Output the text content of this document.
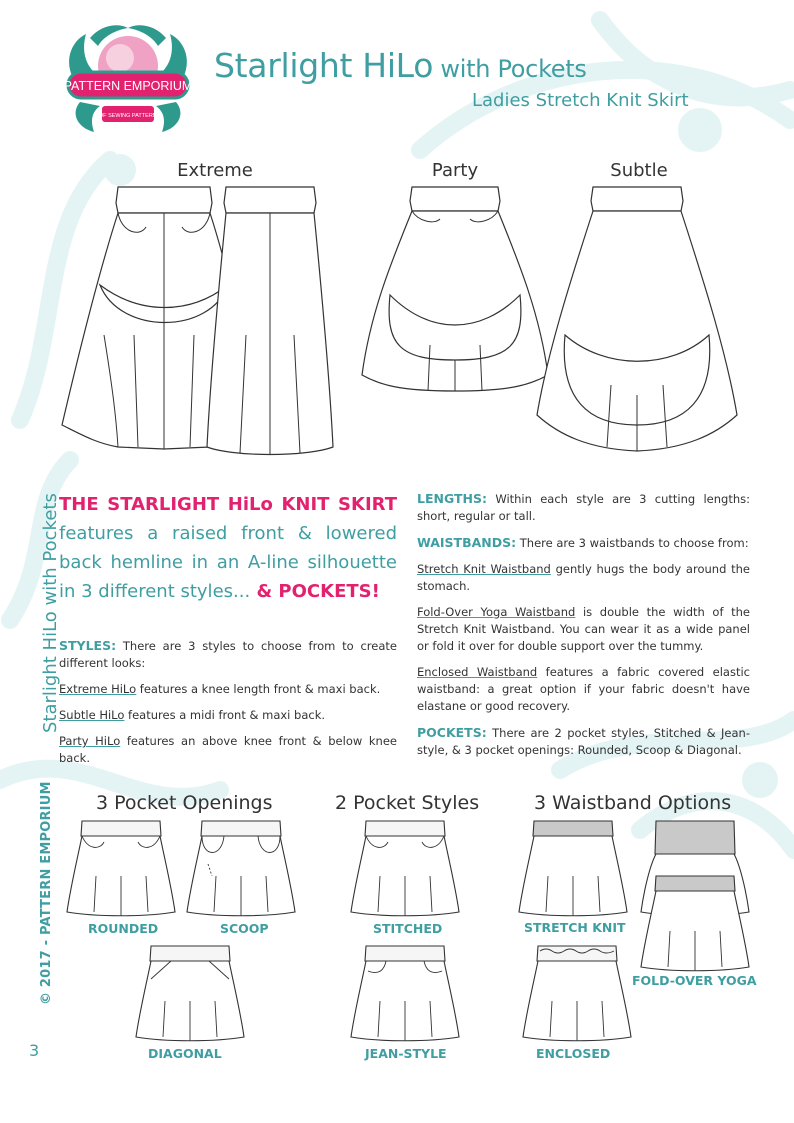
PATTERN EMPORIUM
PDF SEWING PATTERNS
Starlight HiLo with Pockets
Ladies Stretch Knit Skirt
Starlight HiLo with Pockets
© 2017 - PATTERN EMPORIUM
3
Extreme	Party	Subtle
THE STARLIGHT HiLo KNIT SKIRT features a raised front & lowered back hemline in an A-line silhouette in 3 different styles... & POCKETS!

STYLES: There are 3 styles to choose from to create different looks:

Extreme HiLo features a knee length front & maxi back.

Subtle HiLo features a midi front & maxi back.

Party HiLo features an above knee front & below knee back.

LENGTHS: Within each style are 3 cutting lengths: short, regular or tall.

WAISTBANDS: There are 3 waistbands to choose from:

Stretch Knit Waistband gently hugs the body around the stomach.

Fold-Over Yoga Waistband is double the width of the Stretch Knit Waistband. You can wear it as a wide panel or fold it over for double support over the tummy.

Enclosed Waistband features a fabric covered elastic waistband: a great option if your fabric doesn't have elastane or good recovery.

POCKETS: There are 2 pocket styles, Stitched & Jean-style, & 3 pocket openings: Rounded, Scoop & Diagonal.

3 Pocket Openings	2 Pocket Styles	3 Waistband Options
ROUNDED	SCOOP
DIAGONAL
STITCHED
JEAN-STYLE
STRETCH KNIT
FOLD-OVER YOGA
ENCLOSED
